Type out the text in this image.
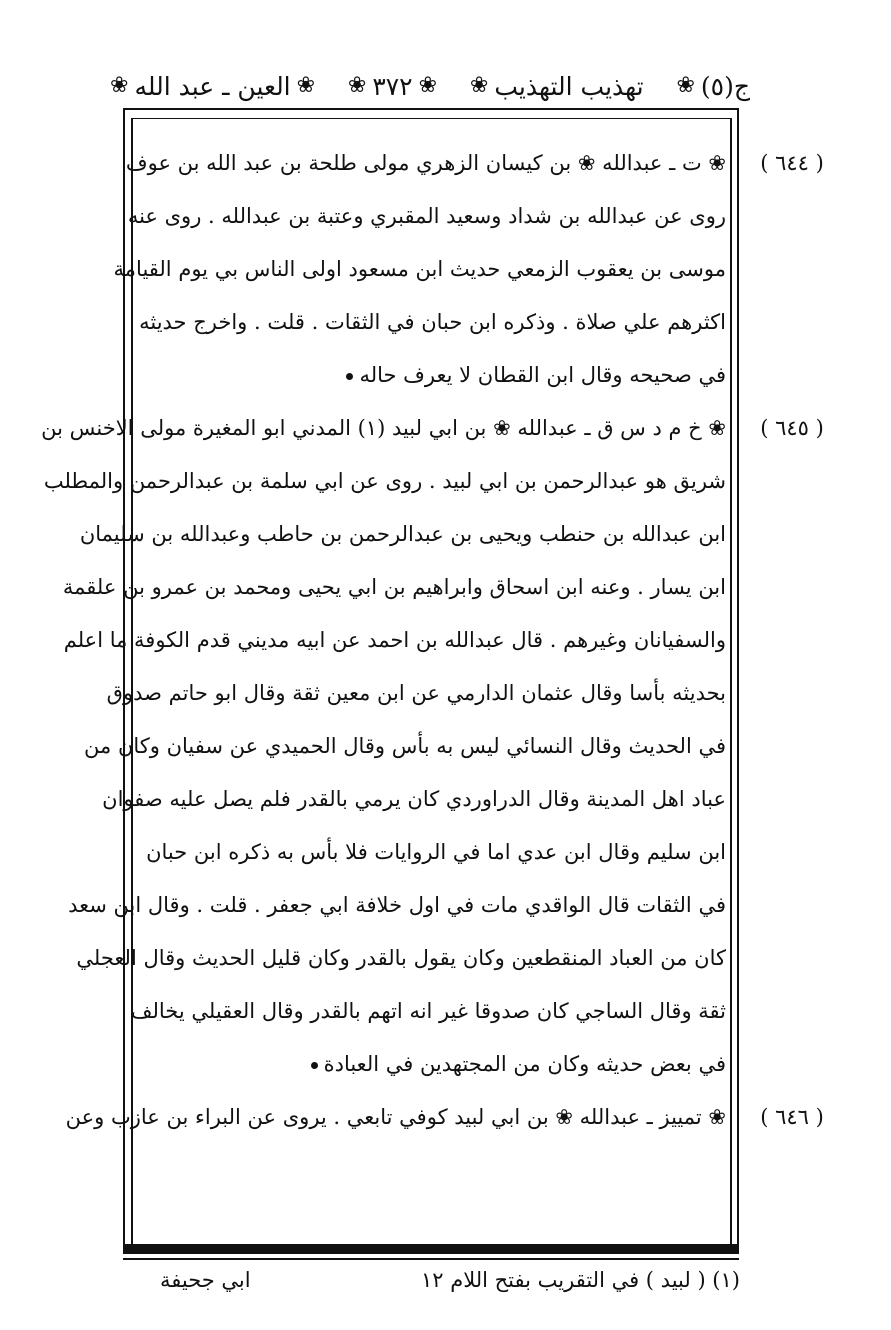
ج(٥)
❀
تهذيب التهذيب
❀
❀
٣٧٢
❀
❀
العين ـ عبد الله
❀
( ٦٤٤ )
❀ ت ـ عبدالله ❀ بن كيسان الزهري مولى طلحة بن عبد الله بن عوف
روى عن عبدالله بن شداد وسعيد المقبري وعتبة بن عبدالله . روى عنه
موسى بن يعقوب الزمعي حديث ابن مسعود اولى الناس بي يوم القيامة
اكثرهم علي صلاة . وذكره ابن حبان في الثقات . قلت . واخرج حديثه
في صحيحه وقال ابن القطان لا يعرف حاله
( ٦٤٥ )
❀ خ م د س ق ـ عبدالله ❀ بن ابي لبيد (١) المدني ابو المغيرة مولى الاخنس بن
شريق هو عبدالرحمن بن ابي لبيد . روى عن ابي سلمة بن عبدالرحمن والمطلب
ابن عبدالله بن حنطب ويحيى بن عبدالرحمن بن حاطب وعبدالله بن سليمان
ابن يسار . وعنه ابن اسحاق وابراهيم بن ابي يحيى ومحمد بن عمرو بن علقمة
والسفيانان وغيرهم . قال عبدالله بن احمد عن ابيه مديني قدم الكوفة ما اعلم
بحديثه بأسا وقال عثمان الدارمي عن ابن معين ثقة وقال ابو حاتم صدوق
في الحديث وقال النسائي ليس به بأس وقال الحميدي عن سفيان وكان من
عباد اهل المدينة وقال الدراوردي كان يرمي بالقدر فلم يصل عليه صفوان
ابن سليم وقال ابن عدي اما في الروايات فلا بأس به ذكره ابن حبان
في الثقات قال الواقدي مات في اول خلافة ابي جعفر . قلت . وقال ابن سعد
كان من العباد المنقطعين وكان يقول بالقدر وكان قليل الحديث وقال العجلي
ثقة وقال الساجي كان صدوقا غير انه اتهم بالقدر وقال العقيلي يخالف
في بعض حديثه وكان من المجتهدين في العبادة
( ٦٤٦ )
❀ تمييز ـ عبدالله ❀ بن ابي لبيد كوفي تابعي . يروى عن البراء بن عازب وعن
(١) ( لبيد ) في التقريب بفتح اللام ١٢
ابي جحيفة
